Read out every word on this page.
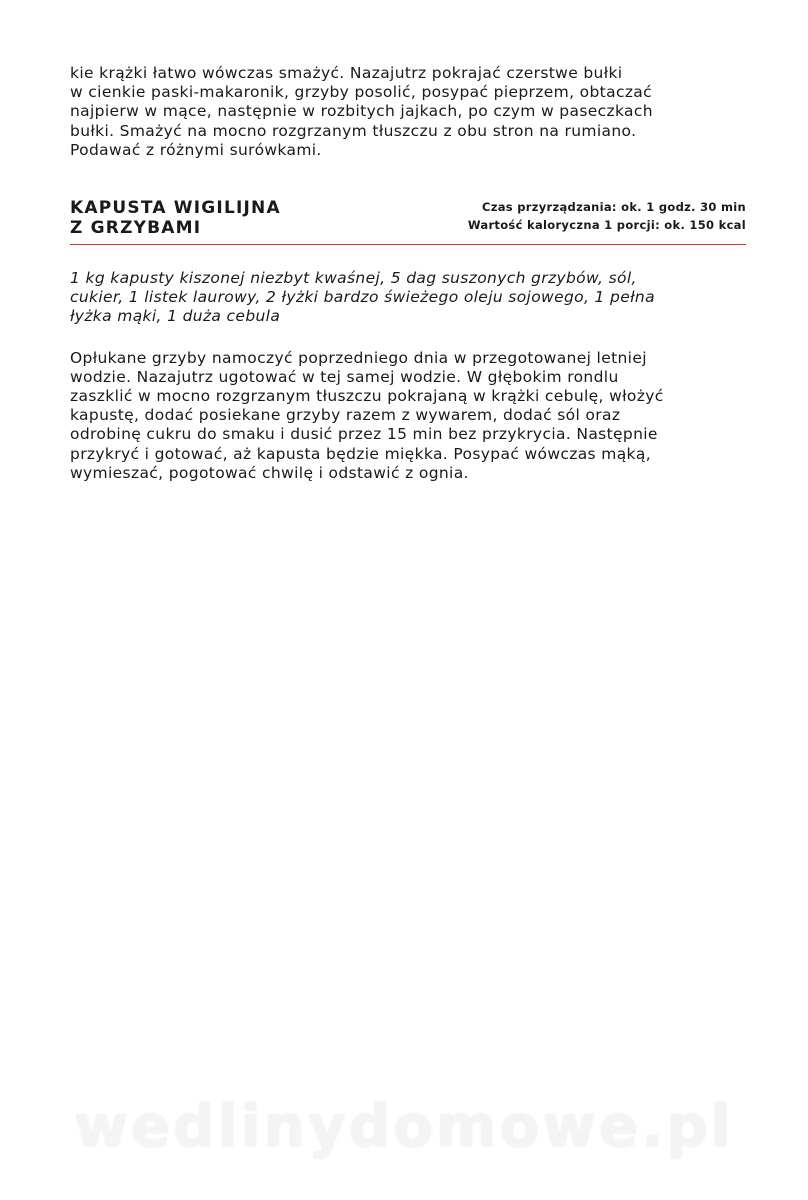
kie krążki łatwo wówczas smażyć. Nazajutrz pokrajać czerstwe bułki
w cienkie paski-makaronik, grzyby posolić, posypać pieprzem, obtaczać
najpierw w mące, następnie w rozbitych jajkach, po czym w paseczkach
bułki. Smażyć na mocno rozgrzanym tłuszczu z obu stron na rumiano.
Podawać z różnymi surówkami.

KAPUSTA WIGILIJNA
Z GRZYBAMI
Czas przyrządzania: ok. 1 godz. 30 min
Wartość kaloryczna 1 porcji: ok. 150 kcal
1 kg kapusty kiszonej niezbyt kwaśnej, 5 dag suszonych grzybów, sól,
cukier, 1 listek laurowy, 2 łyżki bardzo świeżego oleju sojowego, 1 pełna
łyżka mąki, 1 duża cebula
Opłukane grzyby namoczyć poprzedniego dnia w przegotowanej letniej
wodzie. Nazajutrz ugotować w tej samej wodzie. W głębokim rondlu
zaszklić w mocno rozgrzanym tłuszczu pokrajaną w krążki cebulę, włożyć
kapustę, dodać posiekane grzyby razem z wywarem, dodać sól oraz
odrobinę cukru do smaku i dusić przez 15 min bez przykrycia. Następnie
przykryć i gotować, aż kapusta będzie miękka. Posypać wówczas mąką,
wymieszać, pogotować chwilę i odstawić z ognia.
wedlinydomowe.pl
